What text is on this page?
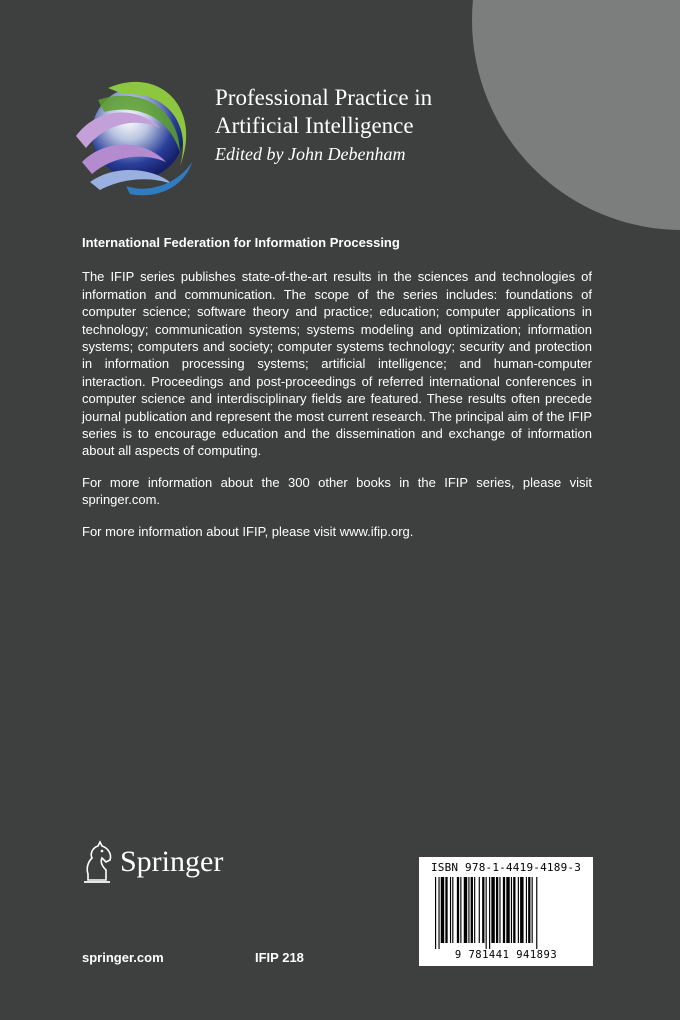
Professional Practice in
Artificial Intelligence
Edited by John Debenham

International Federation for Information Processing

The IFIP series publishes state-of-the-art results in the sciences and technologies of information and communication. The scope of the series includes: foundations of computer science; software theory and practice; education; computer applications in technology; communication systems; systems modeling and optimization; information systems; computers and society; computer systems technology; security and protection in information processing systems; artificial intelligence; and human-computer interaction. Proceedings and post-proceedings of referred international conferences in computer science and interdisciplinary fields are featured. These results often precede journal publication and represent the most current research. The principal aim of the IFIP series is to encourage education and the dissemination and exchange of information about all aspects of computing.

For more information about the 300 other books in the IFIP series, please visit springer.com.

For more information about IFIP, please visit www.ifip.org.

Springer
springer.com	IFIP 218
ISBN 978-1-4419-4189-3
9 781441 941893
